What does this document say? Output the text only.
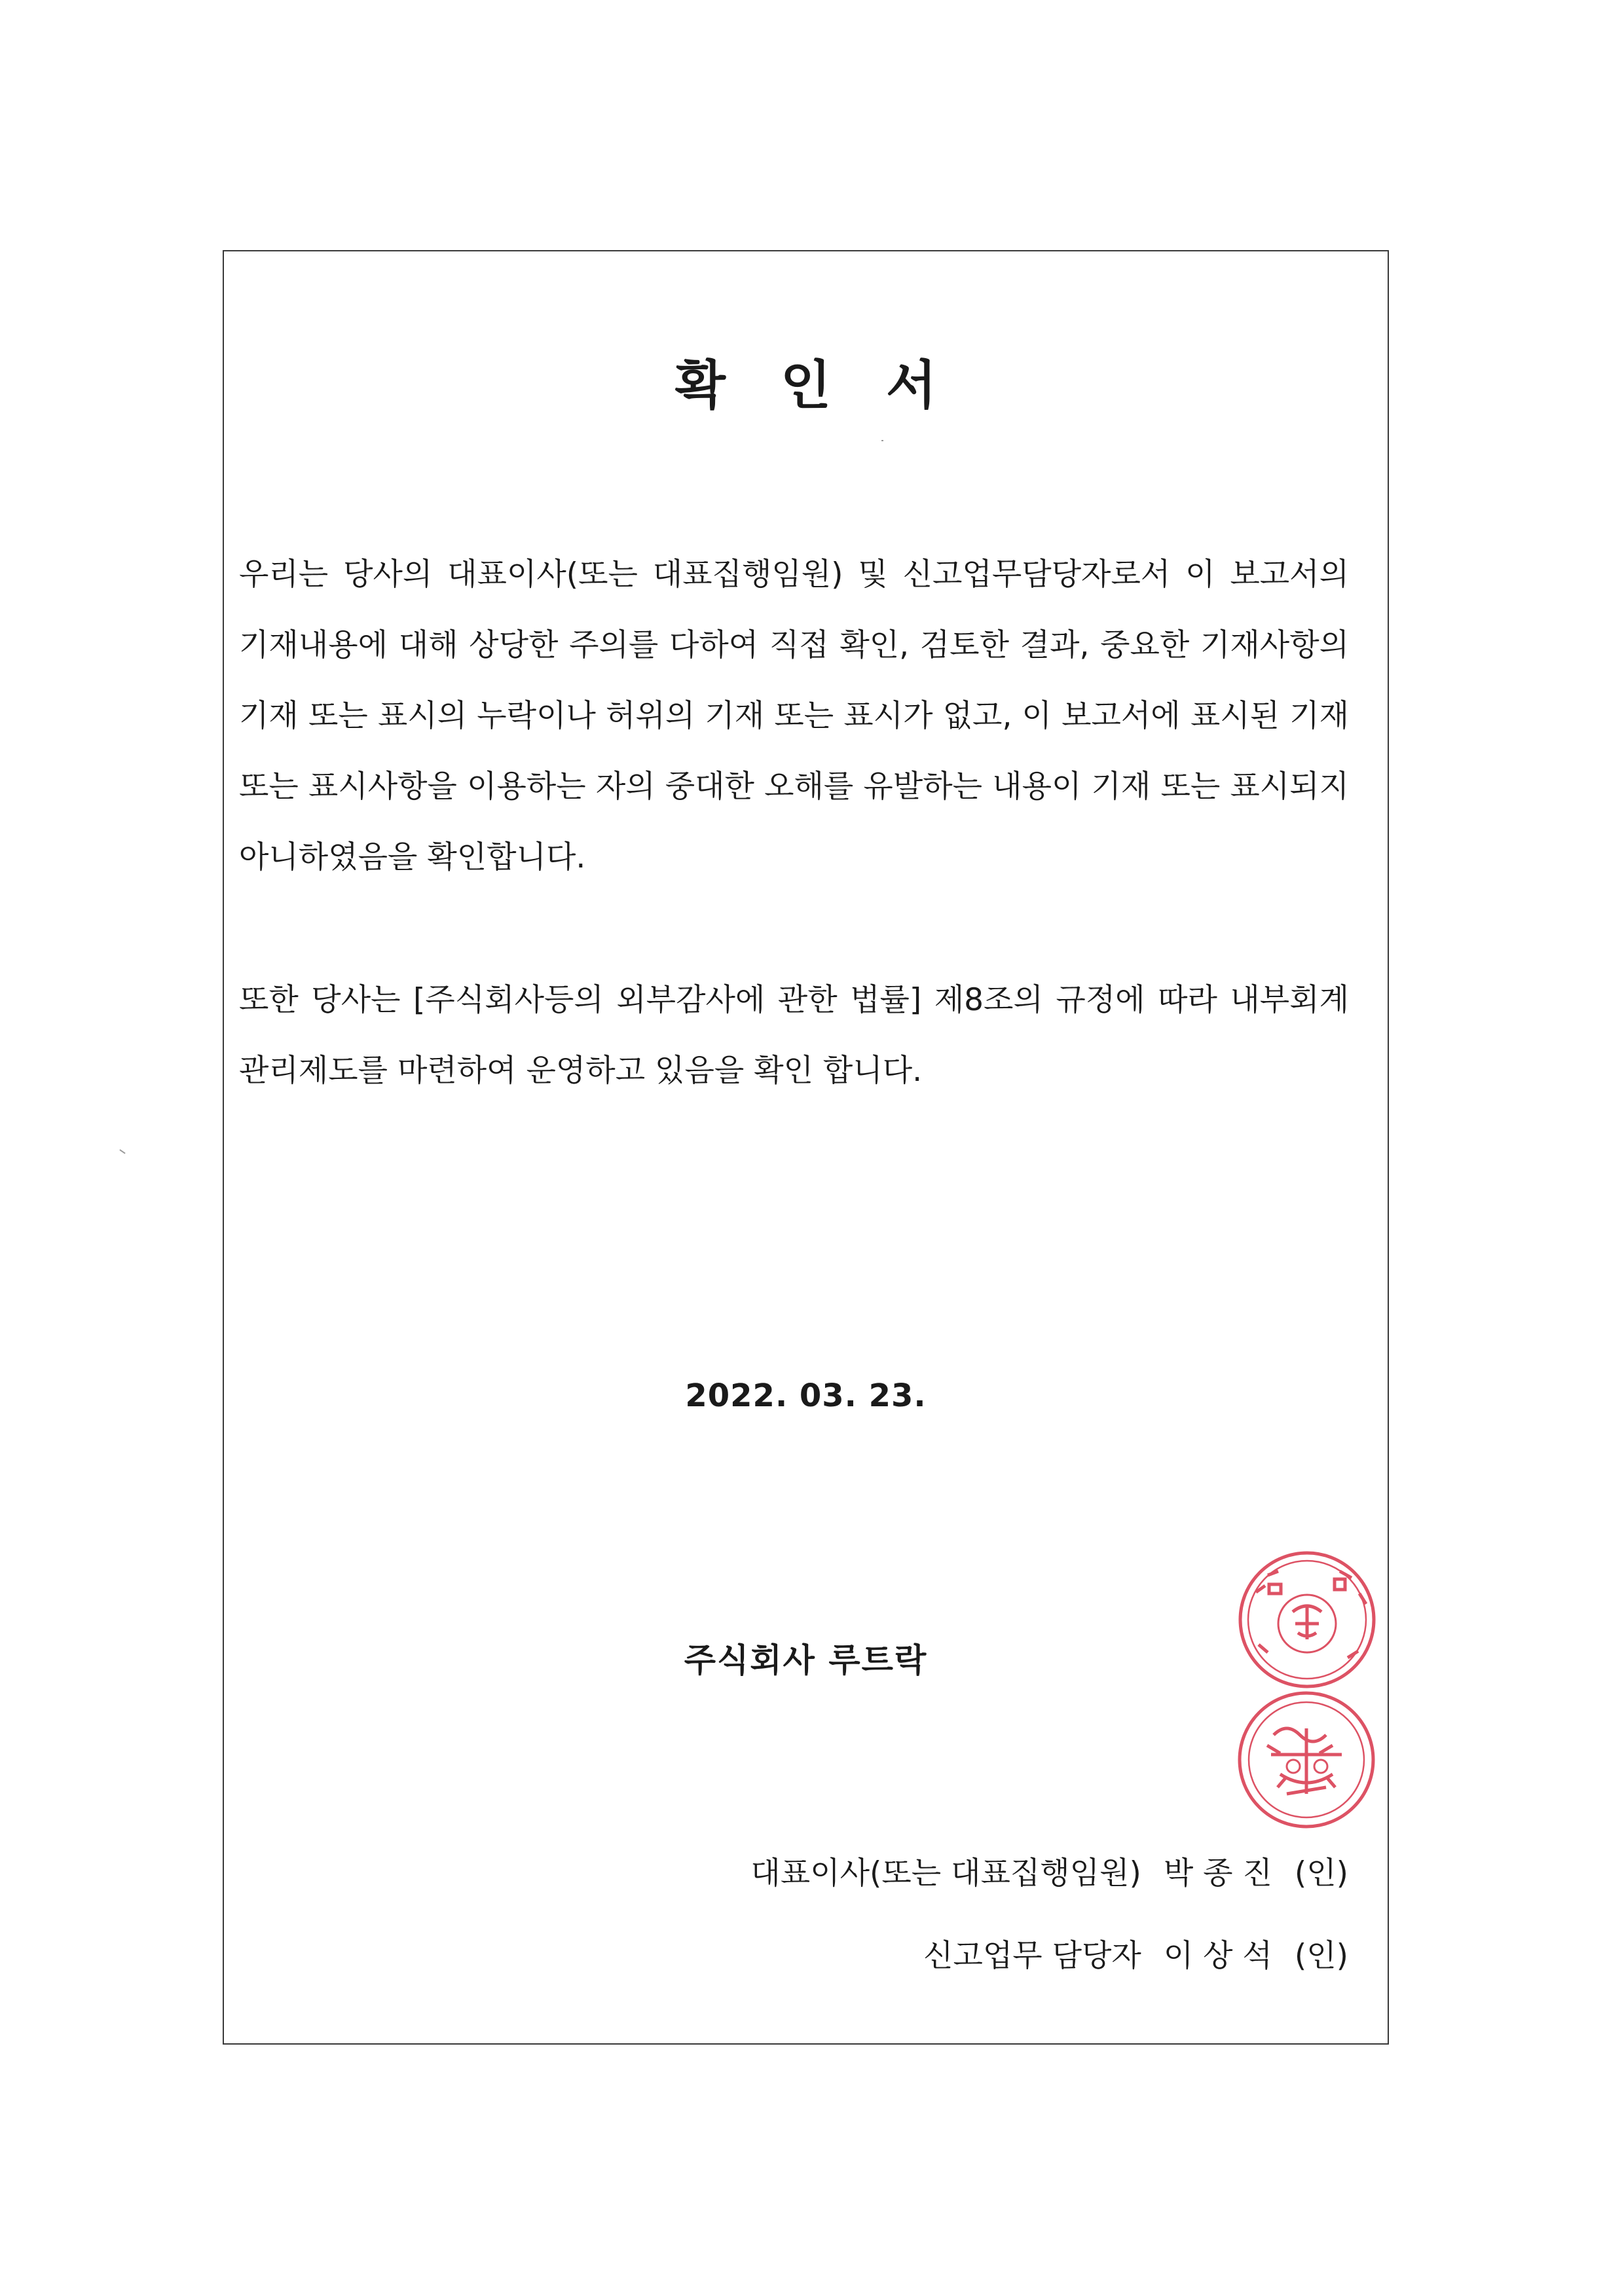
확 인 서
우리는 당사의 대표이사(또는 대표집행임원) 및 신고업무담당자로서 이 보고서의 기재내용에 대해 상당한 주의를 다하여 직접 확인, 검토한 결과, 중요한 기재사항의 기재 또는 표시의 누락이나 허위의 기재 또는 표시가 없고, 이 보고서에 표시된 기재 또는 표시사항을 이용하는 자의 중대한 오해를 유발하는 내용이 기재 또는 표시되지 아니하였음을 확인합니다.
또한 당사는 [주식회사등의 외부감사에 관한 법률] 제8조의 규정에 따라 내부회계관리제도를 마련하여 운영하고 있음을 확인 합니다.
2022. 03. 23.
주식회사 루트락
대표이사(또는 대표집행임원) 박 종 진 (인)
신고업무 담당자 이 상 석 (인)
